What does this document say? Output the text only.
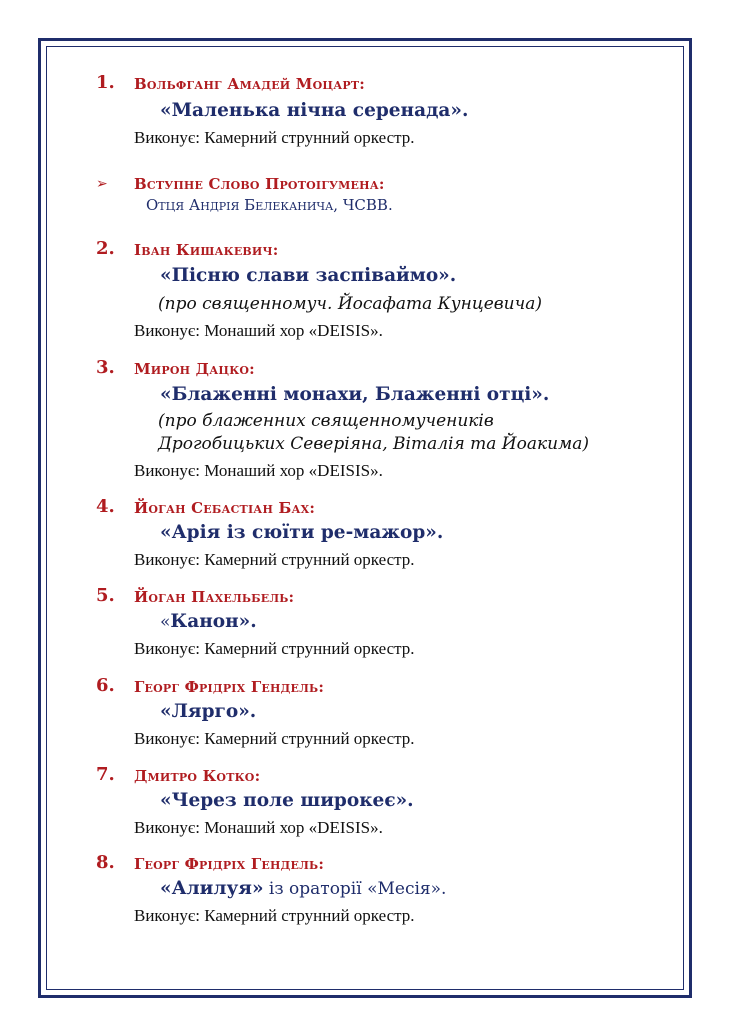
1. Вольфганг Амадей Моцарт:
«Маленька нічна серенада».
Виконує: Камерний струнний оркестр.
➢ Вступне Слово Протоігумена:
Отця Андрія Белеканича, ЧСВВ.
2. Іван Кишакевич:
«Пісню слави заспіваймо».
(про священномуч. Йосафата Кунцевича)
Виконує: Монаший хор «DEISIS».
3. Мирон Дацко:
«Блаженні монахи, Блаженні отці».
(про блаженних священномучеників
Дрогобицьких Северіяна, Віталія та Йоакима)
Виконує: Монаший хор «DEISIS».
4. Йоган Себастіан Бах:
«Арія із сюїти ре-мажор».
Виконує: Камерний струнний оркестр.
5. Йоган Пахельбель:
«Канон».
Виконує: Камерний струнний оркестр.
6. Георг Фрідріх Гендель:
«Лярго».
Виконує: Камерний струнний оркестр.
7. Дмитро Котко:
«Через поле широкеє».
Виконує: Монаший хор «DEISIS».
8. Георг Фрідріх Гендель:
«Алилуя» із ораторії «Месія».
Виконує: Камерний струнний оркестр.
